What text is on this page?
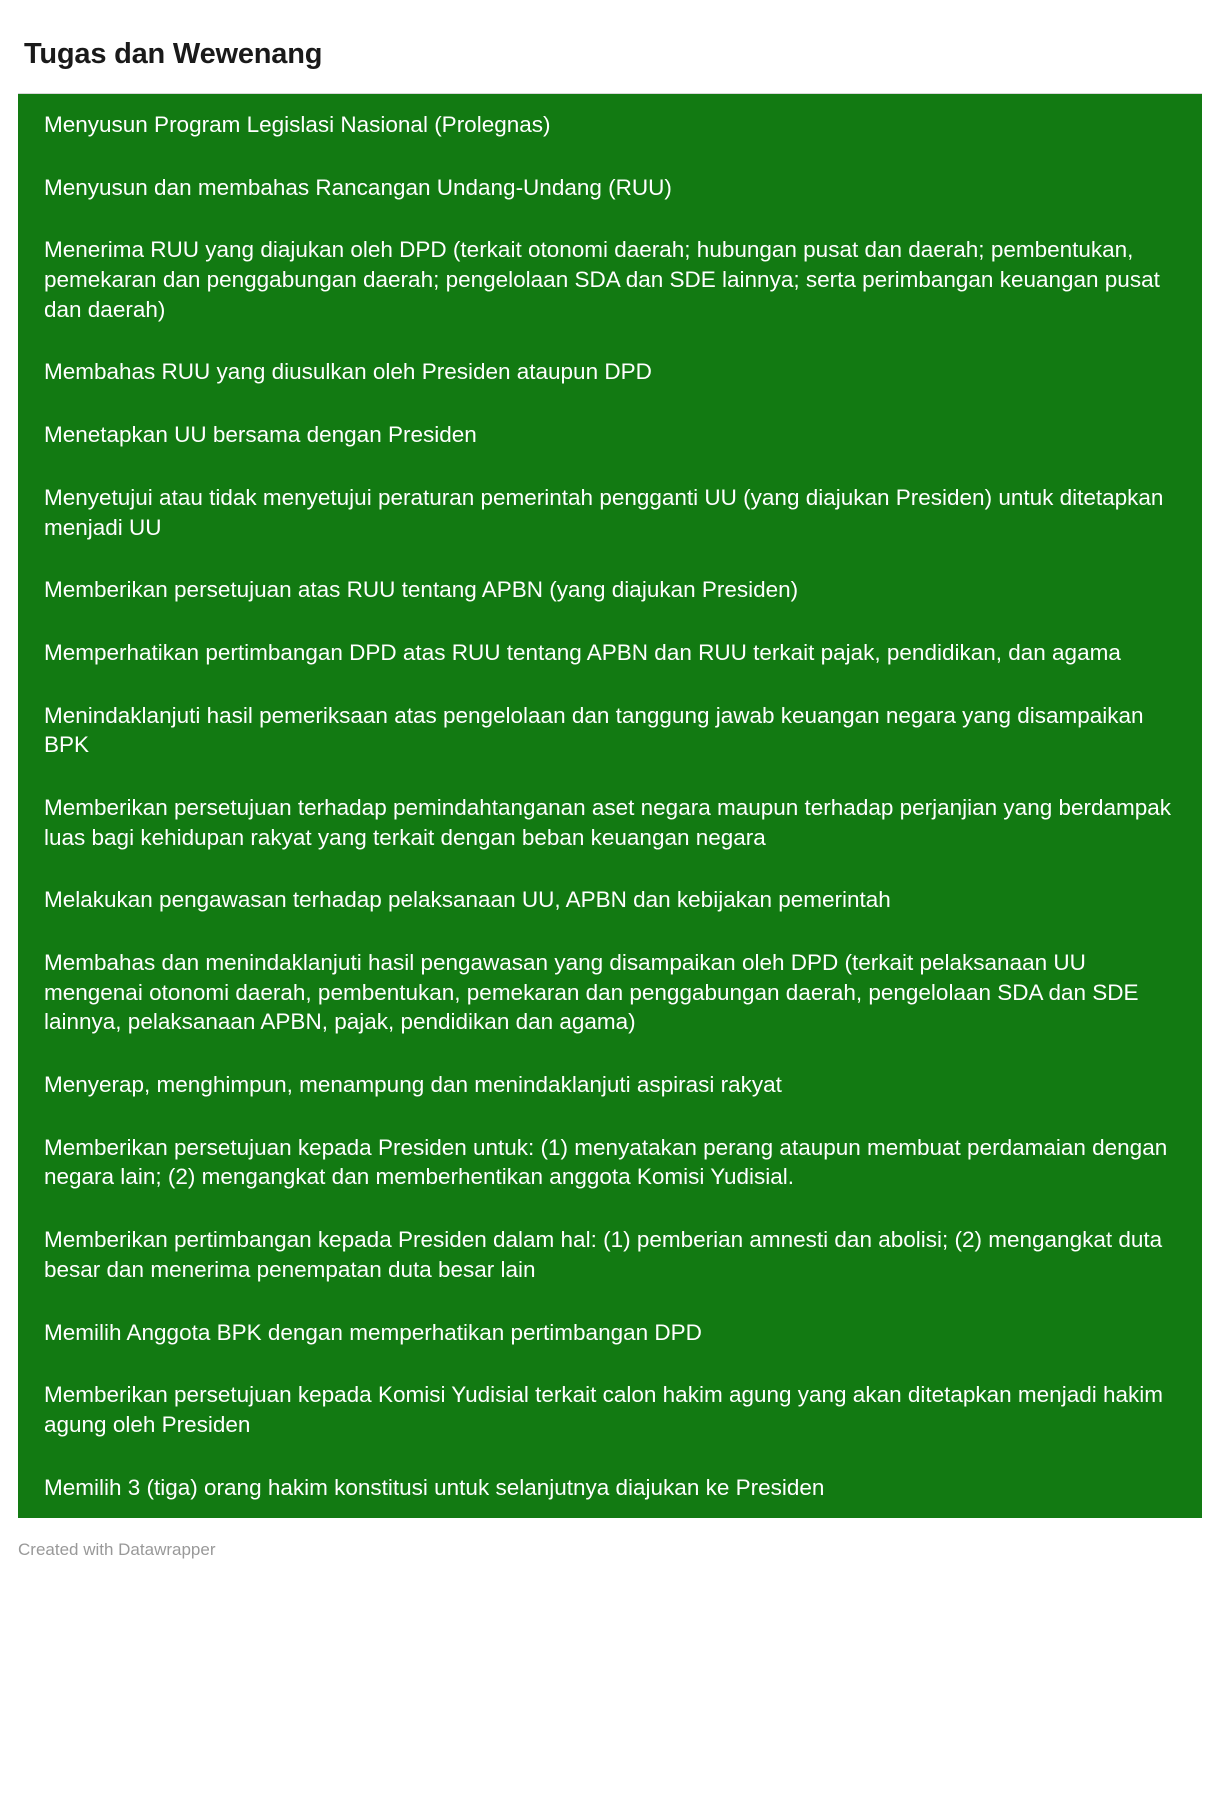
Tugas dan Wewenang
Menyusun Program Legislasi Nasional (Prolegnas)
Menyusun dan membahas Rancangan Undang-Undang (RUU)
Menerima RUU yang diajukan oleh DPD (terkait otonomi daerah; hubungan pusat dan daerah; pembentukan, pemekaran dan penggabungan daerah; pengelolaan SDA dan SDE lainnya; serta perimbangan keuangan pusat dan daerah)
Membahas RUU yang diusulkan oleh Presiden ataupun DPD
Menetapkan UU bersama dengan Presiden
Menyetujui atau tidak menyetujui peraturan pemerintah pengganti UU (yang diajukan Presiden) untuk ditetapkan menjadi UU
Memberikan persetujuan atas RUU tentang APBN (yang diajukan Presiden)
Memperhatikan pertimbangan DPD atas RUU tentang APBN dan RUU terkait pajak, pendidikan, dan agama
Menindaklanjuti hasil pemeriksaan atas pengelolaan dan tanggung jawab keuangan negara yang disampaikan BPK
Memberikan persetujuan terhadap pemindahtanganan aset negara maupun terhadap perjanjian yang berdampak luas bagi kehidupan rakyat yang terkait dengan beban keuangan negara
Melakukan pengawasan terhadap pelaksanaan UU, APBN dan kebijakan pemerintah
Membahas dan menindaklanjuti hasil pengawasan yang disampaikan oleh DPD (terkait pelaksanaan UU mengenai otonomi daerah, pembentukan, pemekaran dan penggabungan daerah, pengelolaan SDA dan SDE lainnya, pelaksanaan APBN, pajak, pendidikan dan agama)
Menyerap, menghimpun, menampung dan menindaklanjuti aspirasi rakyat
Memberikan persetujuan kepada Presiden untuk: (1) menyatakan perang ataupun membuat perdamaian dengan negara lain; (2) mengangkat dan memberhentikan anggota Komisi Yudisial.
Memberikan pertimbangan kepada Presiden dalam hal: (1) pemberian amnesti dan abolisi; (2) mengangkat duta besar dan menerima penempatan duta besar lain
Memilih Anggota BPK dengan memperhatikan pertimbangan DPD
Memberikan persetujuan kepada Komisi Yudisial terkait calon hakim agung yang akan ditetapkan menjadi hakim agung oleh Presiden
Memilih 3 (tiga) orang hakim konstitusi untuk selanjutnya diajukan ke Presiden
Created with Datawrapper
